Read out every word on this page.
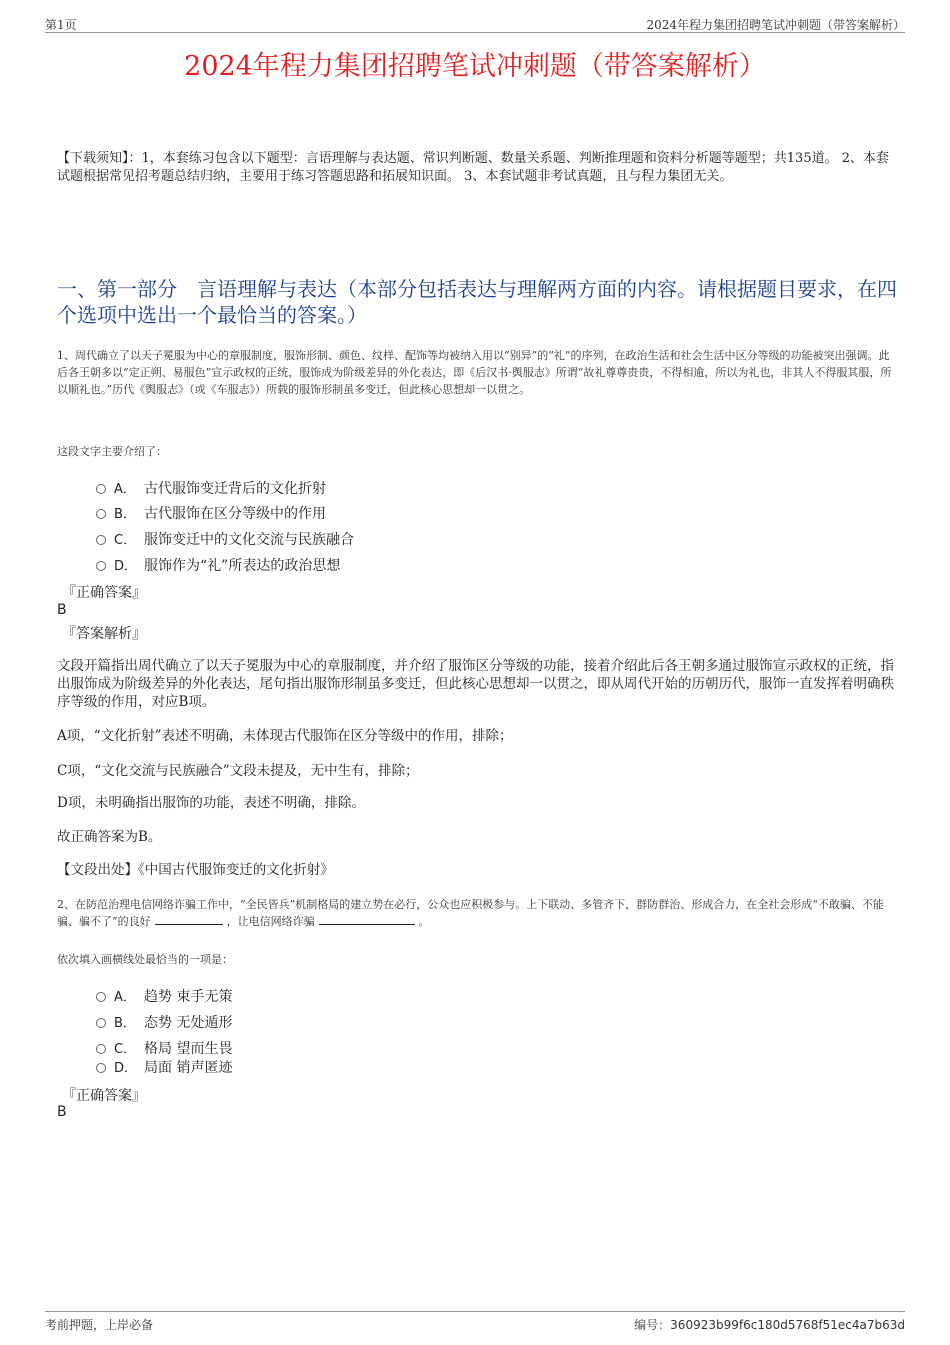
第1页	2024年程力集团招聘笔试冲刺题（带答案解析）
2024年程力集团招聘笔试冲刺题（带答案解析）
【下载须知】：1，本套练习包含以下题型：言语理解与表达题、常识判断题、数量关系题、判断推理题和资料分析题等题型；共135道。 2、本套试题根据常见招考题总结归纳，主要用于练习答题思路和拓展知识面。 3、本套试题非考试真题，且与程力集团无关。
一、第一部分　言语理解与表达（本部分包括表达与理解两方面的内容。请根据题目要求，在四个选项中选出一个最恰当的答案。）
1、周代确立了以天子冕服为中心的章服制度，服饰形制、颜色、纹样、配饰等均被纳入用以“别异”的“礼”的序列，在政治生活和社会生活中区分等级的功能被突出强调。此后各王朝多以“定正朔、易服色”宣示政权的正统，服饰成为阶级差异的外化表达，即《后汉书·舆服志》所谓“故礼尊尊贵贵，不得相逾，所以为礼也，非其人不得服其服，所以顺礼也。”历代《舆服志》（或《车服志》）所载的服饰形制虽多变迁，但此核心思想却一以贯之。
这段文字主要介绍了：
A． 古代服饰变迁背后的文化折射
B． 古代服饰在区分等级中的作用
C． 服饰变迁中的文化交流与民族融合
D． 服饰作为“礼”所表达的政治思想
『正确答案』
B
『答案解析』
文段开篇指出周代确立了以天子冕服为中心的章服制度，并介绍了服饰区分等级的功能，接着介绍此后各王朝多通过服饰宣示政权的正统，指出服饰成为阶级差异的外化表达，尾句指出服饰形制虽多变迁，但此核心思想却一以贯之，即从周代开始的历朝历代，服饰一直发挥着明确秩序等级的作用，对应B项。
A项，“文化折射”表述不明确，未体现古代服饰在区分等级中的作用，排除；
C项，“文化交流与民族融合”文段未提及，无中生有，排除；
D项，未明确指出服饰的功能，表述不明确，排除。
故正确答案为B。
【文段出处】《中国古代服饰变迁的文化折射》
2、在防范治理电信网络诈骗工作中，“全民皆兵”机制格局的建立势在必行，公众也应积极参与。上下联动、多管齐下，群防群治、形成合力，在全社会形成“不敢骗、不能骗、骗不了”的良好	，让电信网络诈骗	。
依次填入画横线处最恰当的一项是：
A． 趋势 束手无策
B． 态势 无处遁形
C． 格局 望而生畏
D． 局面 销声匿迹
『正确答案』
B
考前押题，上岸必备	编号：360923b99f6c180d5768f51ec4a7b63d
